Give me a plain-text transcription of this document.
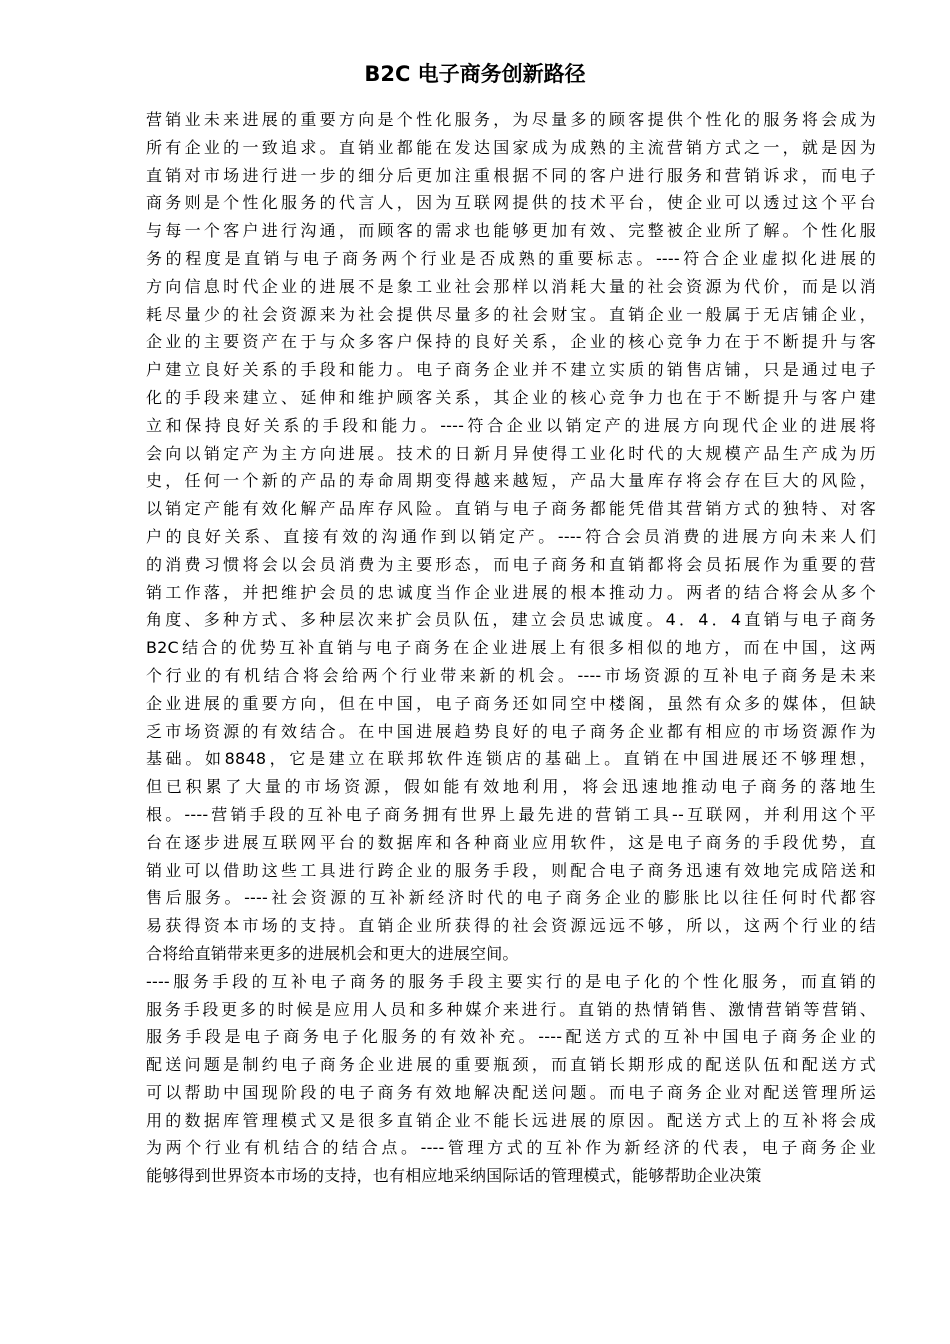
B2C 电子商务创新路径
营销业未来进展的重要方向是个性化服务，为尽量多的顾客提供个性化的服务将会成为
所有企业的一致追求。直销业都能在发达国家成为成熟的主流营销方式之一，就是因为
直销对市场进行进一步的细分后更加注重根据不同的客户进行服务和营销诉求，而电子
商务则是个性化服务的代言人，因为互联网提供的技术平台，使企业可以透过这个平台
与每一个客户进行沟通，而顾客的需求也能够更加有效、完整被企业所了解。个性化服
务的程度是直销与电子商务两个行业是否成熟的重要标志。----符合企业虚拟化进展的
方向信息时代企业的进展不是象工业社会那样以消耗大量的社会资源为代价，而是以消
耗尽量少的社会资源来为社会提供尽量多的社会财宝。直销企业一般属于无店铺企业，
企业的主要资产在于与众多客户保持的良好关系，企业的核心竞争力在于不断提升与客
户建立良好关系的手段和能力。电子商务企业并不建立实质的销售店铺，只是通过电子
化的手段来建立、延伸和维护顾客关系，其企业的核心竞争力也在于不断提升与客户建
立和保持良好关系的手段和能力。----符合企业以销定产的进展方向现代企业的进展将
会向以销定产为主方向进展。技术的日新月异使得工业化时代的大规模产品生产成为历
史，任何一个新的产品的寿命周期变得越来越短，产品大量库存将会存在巨大的风险，
以销定产能有效化解产品库存风险。直销与电子商务都能凭借其营销方式的独特、对客
户的良好关系、直接有效的沟通作到以销定产。----符合会员消费的进展方向未来人们
的消费习惯将会以会员消费为主要形态，而电子商务和直销都将会员拓展作为重要的营
销工作落，并把维护会员的忠诚度当作企业进展的根本推动力。两者的结合将会从多个
角度、多种方式、多种层次来扩会员队伍，建立会员忠诚度。4．4．4直销与电子商务
B2C结合的优势互补直销与电子商务在企业进展上有很多相似的地方，而在中国，这两
个行业的有机结合将会给两个行业带来新的机会。----市场资源的互补电子商务是未来
企业进展的重要方向，但在中国，电子商务还如同空中楼阁，虽然有众多的媒体，但缺
乏市场资源的有效结合。在中国进展趋势良好的电子商务企业都有相应的市场资源作为
基础。如8848，它是建立在联邦软件连锁店的基础上。直销在中国进展还不够理想，
但已积累了大量的市场资源，假如能有效地利用，将会迅速地推动电子商务的落地生
根。----营销手段的互补电子商务拥有世界上最先进的营销工具--互联网，并利用这个平
台在逐步进展互联网平台的数据库和各种商业应用软件，这是电子商务的手段优势，直
销业可以借助这些工具进行跨企业的服务手段，则配合电子商务迅速有效地完成陪送和
售后服务。----社会资源的互补新经济时代的电子商务企业的膨胀比以往任何时代都容
易获得资本市场的支持。直销企业所获得的社会资源远远不够，所以，这两个行业的结
合将给直销带来更多的进展机会和更大的进展空间。
----服务手段的互补电子商务的服务手段主要实行的是电子化的个性化服务，而直销的
服务手段更多的时候是应用人员和多种媒介来进行。直销的热情销售、激情营销等营销、
服务手段是电子商务电子化服务的有效补充。----配送方式的互补中国电子商务企业的
配送问题是制约电子商务企业进展的重要瓶颈，而直销长期形成的配送队伍和配送方式
可以帮助中国现阶段的电子商务有效地解决配送问题。而电子商务企业对配送管理所运
用的数据库管理模式又是很多直销企业不能长远进展的原因。配送方式上的互补将会成
为两个行业有机结合的结合点。----管理方式的互补作为新经济的代表，电子商务企业
能够得到世界资本市场的支持，也有相应地采纳国际话的管理模式，能够帮助企业决策
